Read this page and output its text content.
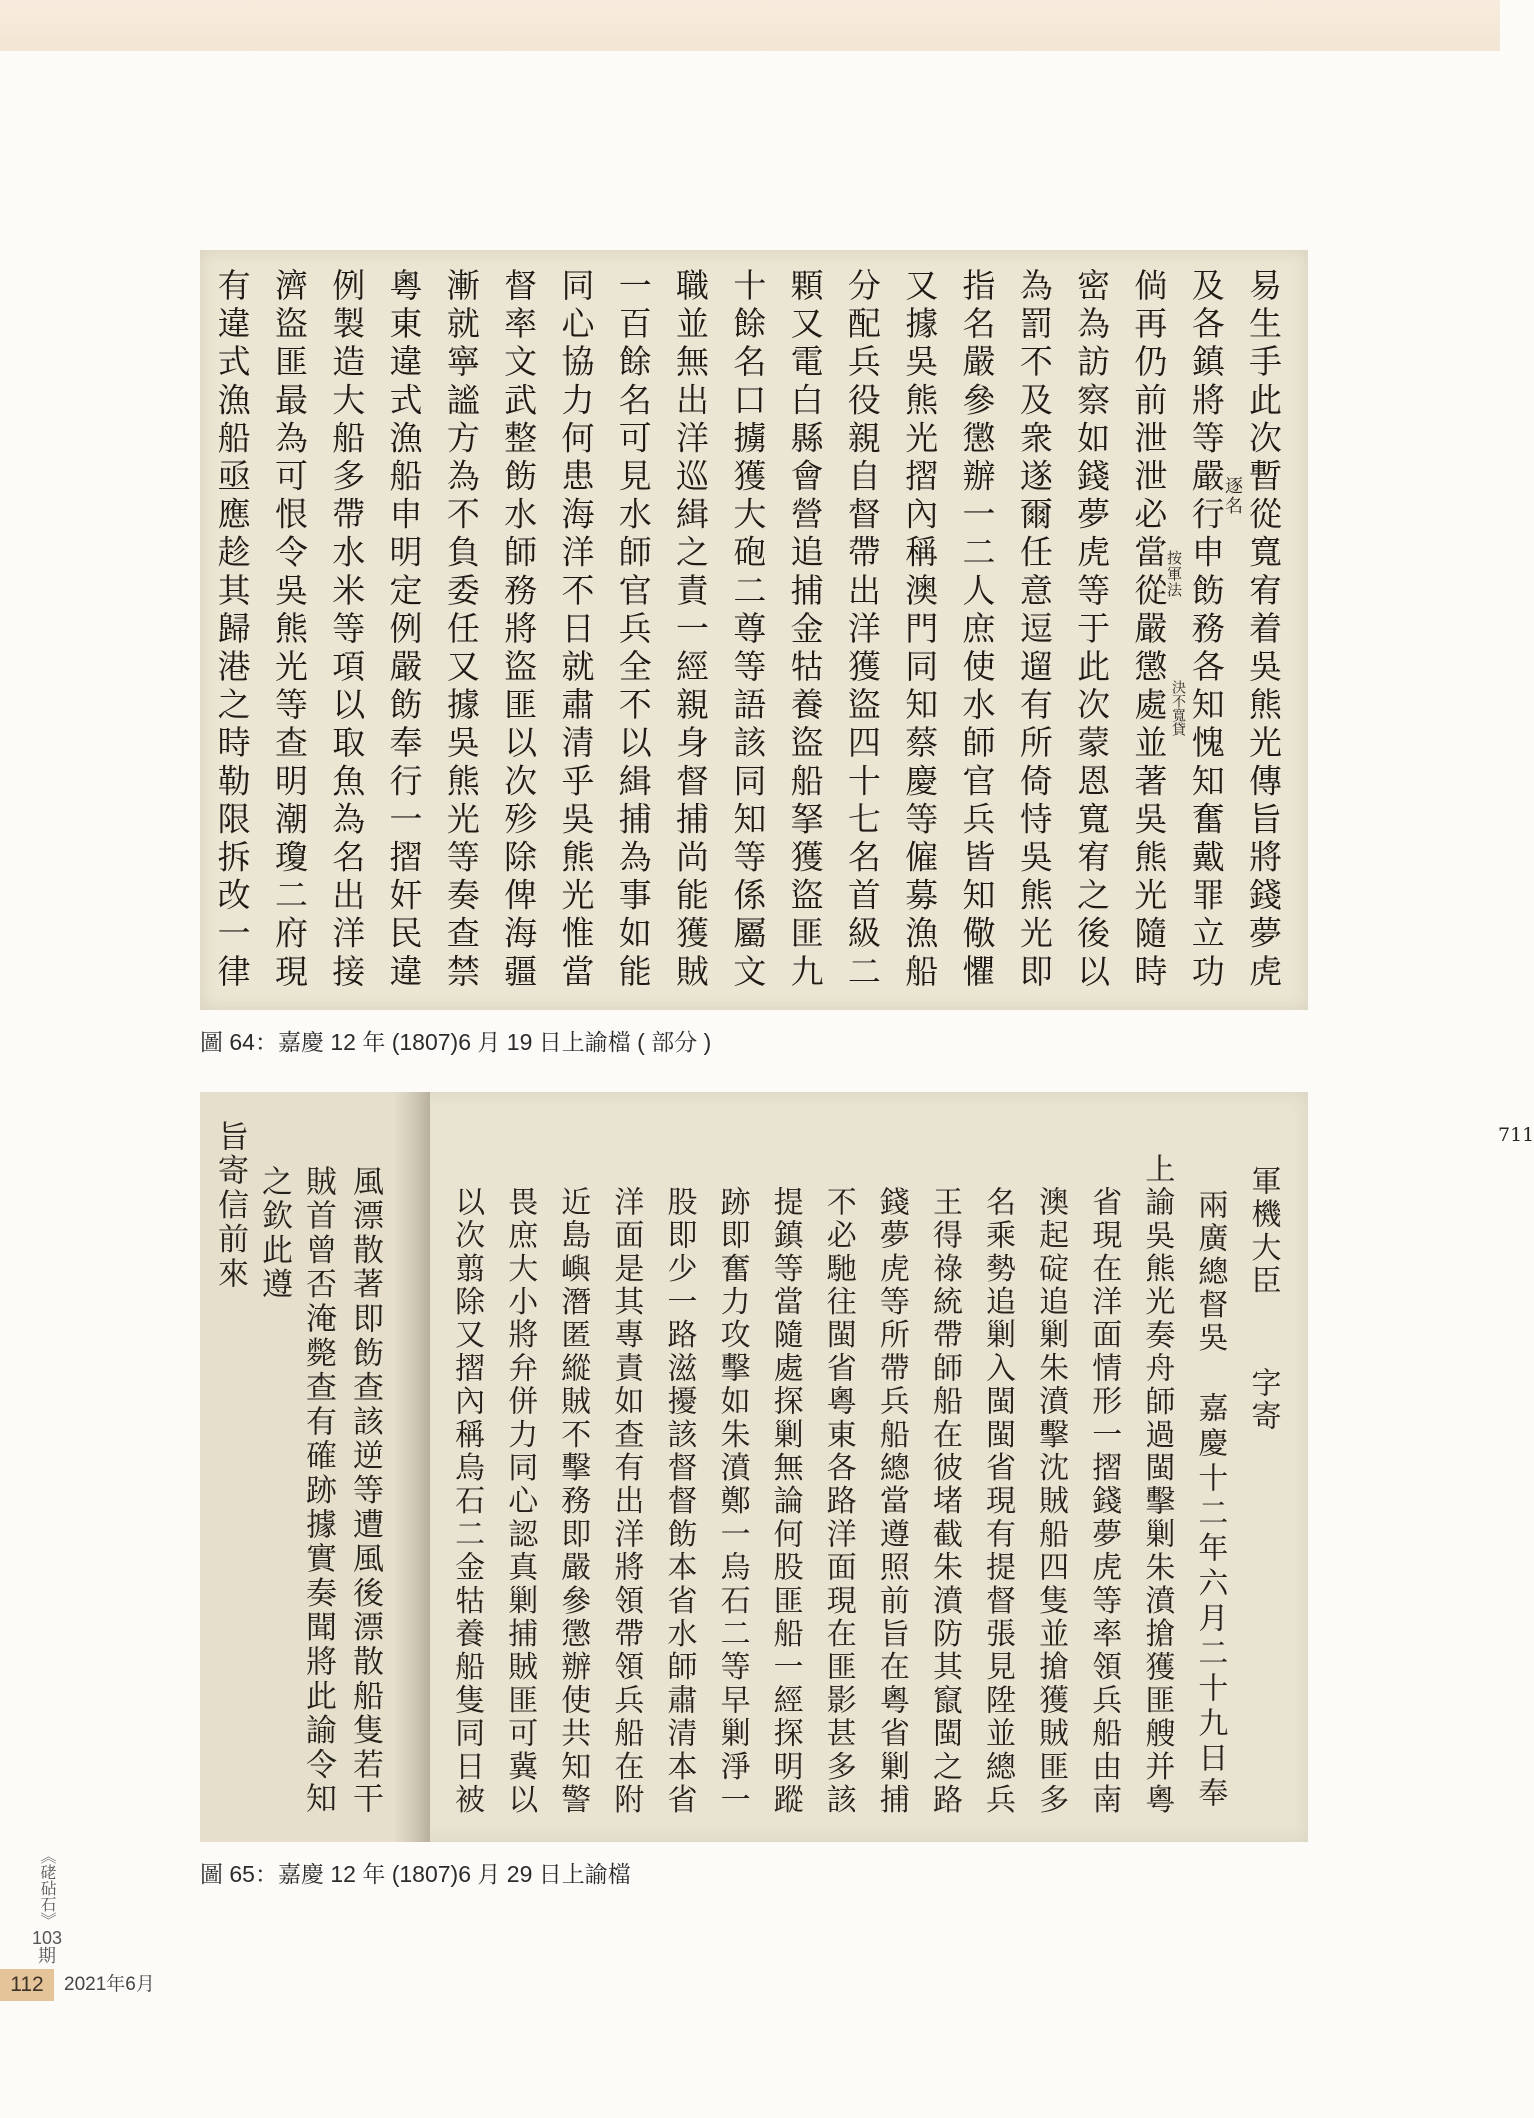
易生手此次暫從寬宥着吳熊光傳旨將錢夢虎
及各鎮將等嚴行申飭務各知愧知奮戴罪立功
倘再仍前泄泄必當從嚴懲處並著吳熊光隨時
密為訪察如錢夢虎等于此次蒙恩寬宥之後以
為罰不及衆遂爾任意逗遛有所倚恃吳熊光即
指名嚴參懲辦一二人庶使水師官兵皆知儆懼
又據吳熊光摺內稱澳門同知蔡慶等僱募漁船
分配兵役親自督帶出洋獲盜四十七名首級二
顆又電白縣會營追捕金牯養盜船拏獲盜匪九
十餘名口擄獲大砲二尊等語該同知等係屬文
職並無出洋巡緝之責一經親身督捕尚能獲賊
一百餘名可見水師官兵全不以緝捕為事如能
同心協力何患海洋不日就肅清乎吳熊光惟當
督率文武整飭水師務將盜匪以次殄除俾海疆
漸就寧謐方為不負委任又據吳熊光等奏查禁
粵東違式漁船申明定例嚴飭奉行一摺奸民違
例製造大船多帶水米等項以取魚為名出洋接
濟盜匪最為可恨令吳熊光等查明潮瓊二府現
有違式漁船亟應趁其歸港之時勒限拆改一律	逐名
按軍法
決不寬貸
圖 64：嘉慶 12 年 (1807)6 月 19 日上諭檔 ( 部分 )
風漂散著即飭查該逆等遭風後漂散船隻若干
賊首曾否淹斃查有確跡據實奏聞將此諭令知
之欽此遵
旨寄信前來	711
軍機大臣
字寄
兩廣總督吳
嘉慶十二年六月二十九日奉
上諭吳熊光奏舟師過閩擊剿朱濆搶獲匪艘并粵
省現在洋面情形一摺錢夢虎等率領兵船由南
澳起碇追剿朱濆擊沈賊船四隻並搶獲賊匪多
名乘勢追剿入閩閩省現有提督張見陞並總兵
王得祿統帶師船在彼堵截朱濆防其竄閩之路
錢夢虎等所帶兵船總當遵照前旨在粵省剿捕
不必馳往閩省粵東各路洋面現在匪影甚多該
提鎮等當隨處探剿無論何股匪船一經探明蹤
跡即奮力攻擊如朱濆鄭一烏石二等早剿淨一
股即少一路滋擾該督督飭本省水師肅清本省
洋面是其專責如查有出洋將領帶領兵船在附
近島嶼潛匿縱賊不擊務即嚴參懲辦使共知警
畏庶大小將弁併力同心認真剿捕賊匪可冀以
以次翦除又摺內稱烏石二金牯養船隻同日被
圖 65：嘉慶 12 年 (1807)6 月 29 日上諭檔
《硓砧石》
103
期
112	2021年6月
